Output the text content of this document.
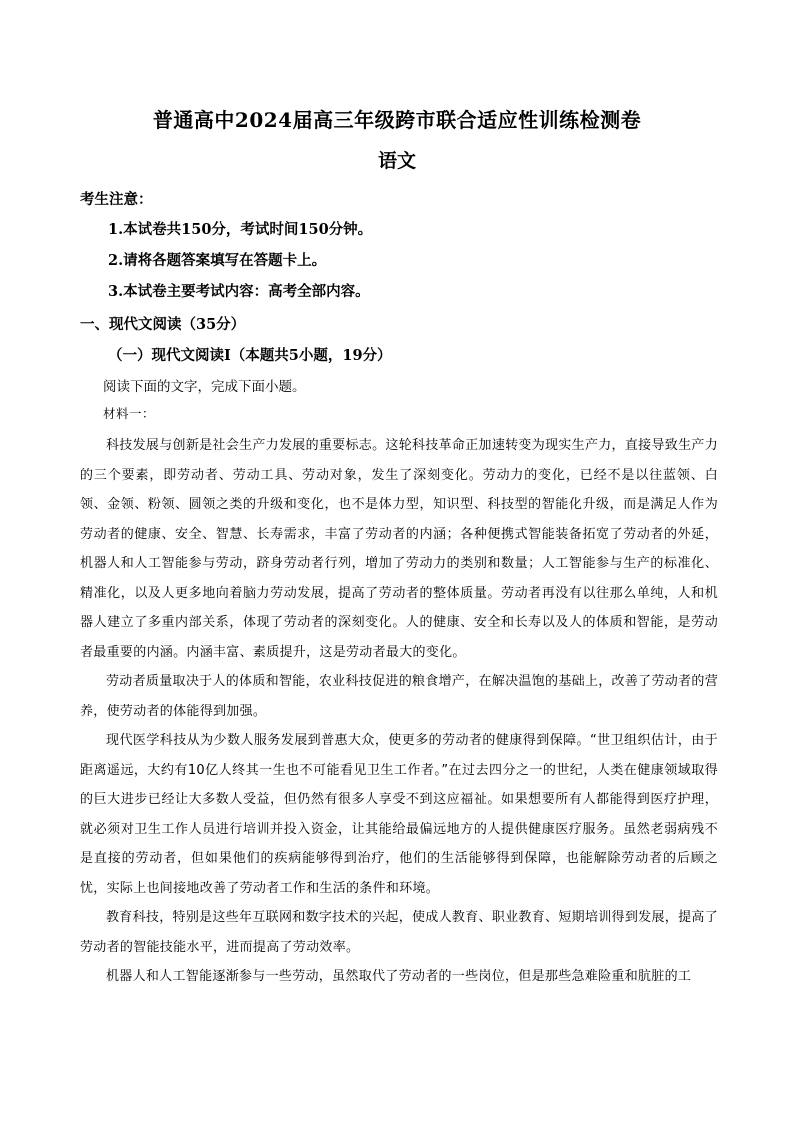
普通高中2024届高三年级跨市联合适应性训练检测卷
语文
考生注意：
1.本试卷共150分，考试时间150分钟。
2.请将各题答案填写在答题卡上。
3.本试卷主要考试内容：高考全部内容。
一、现代文阅读（35分）
（一）现代文阅读Ⅰ（本题共5小题，19分）
阅读下面的文字，完成下面小题。
材料一：

科技发展与创新是社会生产力发展的重要标志。这轮科技革命正加速转变为现实生产力，直接导致生产力的三个要素，即劳动者、劳动工具、劳动对象，发生了深刻变化。劳动力的变化，已经不是以往蓝领、白领、金领、粉领、圆领之类的升级和变化，也不是体力型，知识型、科技型的智能化升级，而是满足人作为劳动者的健康、安全、智慧、长寿需求，丰富了劳动者的内涵；各种便携式智能装备拓宽了劳动者的外延，机器人和人工智能参与劳动，跻身劳动者行列，增加了劳动力的类别和数量；人工智能参与生产的标准化、精准化，以及人更多地向着脑力劳动发展，提高了劳动者的整体质量。劳动者再没有以往那么单纯，人和机器人建立了多重内部关系，体现了劳动者的深刻变化。人的健康、安全和长寿以及人的体质和智能，是劳动者最重要的内涵。内涵丰富、素质提升，这是劳动者最大的变化。

劳动者质量取决于人的体质和智能，农业科技促进的粮食增产，在解决温饱的基础上，改善了劳动者的营养，使劳动者的体能得到加强。

现代医学科技从为少数人服务发展到普惠大众，使更多的劳动者的健康得到保障。“世卫组织估计，由于距离遥远，大约有10亿人终其一生也不可能看见卫生工作者。”在过去四分之一的世纪，人类在健康领域取得的巨大进步已经让大多数人受益，但仍然有很多人享受不到这应福祉。如果想要所有人都能得到医疗护理，就必须对卫生工作人员进行培训并投入资金，让其能给最偏远地方的人提供健康医疗服务。虽然老弱病残不是直接的劳动者，但如果他们的疾病能够得到治疗，他们的生活能够得到保障，也能解除劳动者的后顾之忧，实际上也间接地改善了劳动者工作和生活的条件和环境。

教育科技，特别是这些年互联网和数字技术的兴起，使成人教育、职业教育、短期培训得到发展，提高了劳动者的智能技能水平，进而提高了劳动效率。

机器人和人工智能逐渐参与一些劳动，虽然取代了劳动者的一些岗位，但是那些急难险重和肮脏的工
